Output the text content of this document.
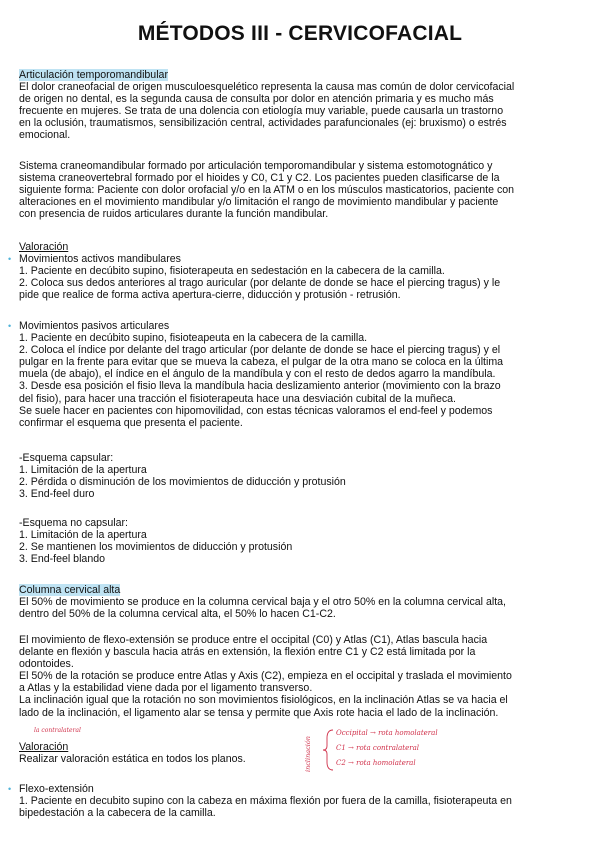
MÉTODOS III - CERVICOFACIAL
Articulación temporomandibular
El dolor craneofacial de origen musculoesquelético representa la causa mas común de dolor cervicofacial
de origen no dental, es la segunda causa de consulta por dolor en atención primaria y es mucho más
frecuente en mujeres. Se trata de una dolencia con etiología muy variable, puede causarla un trastorno
en la oclusión, traumatismos, sensibilización central, actividades parafuncionales (ej: bruxismo) o estrés
emocional.
Sistema craneomandibular formado por articulación temporomandibular y sistema estomotognático y
sistema craneovertebral formado por el hioides y C0, C1 y C2. Los pacientes pueden clasificarse de la
siguiente forma: Paciente con dolor orofacial y/o en la ATM o en los músculos masticatorios, paciente con
alteraciones en el movimiento mandibular y/o limitación el rango de movimiento mandibular y paciente
con presencia de ruidos articulares durante la función mandibular.
Valoración
• Movimientos activos mandibulares
1. Paciente en decúbito supino, fisioterapeuta en sedestación en la cabecera de la camilla.
2. Coloca sus dedos anteriores al trago auricular (por delante de donde se hace el piercing tragus) y le
pide que realice de forma activa apertura-cierre, diducción y protusión - retrusión.
• Movimientos pasivos articulares
1. Paciente en decúbito supino, fisioteapeuta en la cabecera de la camilla.
2. Coloca el índice por delante del trago articular (por delante de donde se hace el piercing tragus) y el
pulgar en la frente para evitar que se mueva la cabeza, el pulgar de la otra mano se coloca en la última
muela (de abajo), el índice en el ángulo de la mandíbula y con el resto de dedos agarro la mandíbula.
3. Desde esa posición el fisio lleva la mandíbula hacia deslizamiento anterior (movimiento con la brazo
del fisio), para hacer una tracción el fisioterapeuta hace una desviación cubital de la muñeca.
Se suele hacer en pacientes con hipomovilidad, con estas técnicas valoramos el end-feel y podemos
confirmar el esquema que presenta el paciente.
-Esquema capsular:
1. Limitación de la apertura
2. Pérdida o disminución de los movimientos de diducción y protusión
3. End-feel duro
-Esquema no capsular:
1. Limitación de la apertura
2. Se mantienen los movimientos de diducción y protusión
3. End-feel blando
Columna cervical alta
El 50% de movimiento se produce en la columna cervical baja y el otro 50% en la columna cervical alta,
dentro del 50% de la columna cervical alta, el 50% lo hacen C1-C2.
El movimiento de flexo-extensión se produce entre el occipital (C0) y Atlas (C1), Atlas bascula hacia
delante en flexión y bascula hacia atrás en extensión, la flexión entre C1 y C2 está limitada por la
odontoides.
El 50% de la rotación se produce entre Atlas y Axis (C2), empieza en el occipital y traslada el movimiento
a Atlas y la estabilidad viene dada por el ligamento transverso.
La inclinación igual que la rotación no son movimientos fisiológicos, en la inclinación Atlas se va hacia el
lado de la inclinación, el ligamento alar se tensa y permite que Axis rote hacia el lado de la inclinación.
la contralateral
Valoración
Realizar valoración estática en todos los planos.	inclinación
Occipital → rota homolateral
C1 → rota contralateral
C2 → rota homolateral
• Flexo-extensión
1. Paciente en decubito supino con la cabeza en máxima flexión por fuera de la camilla, fisioterapeuta en
bipedestación a la cabecera de la camilla.
